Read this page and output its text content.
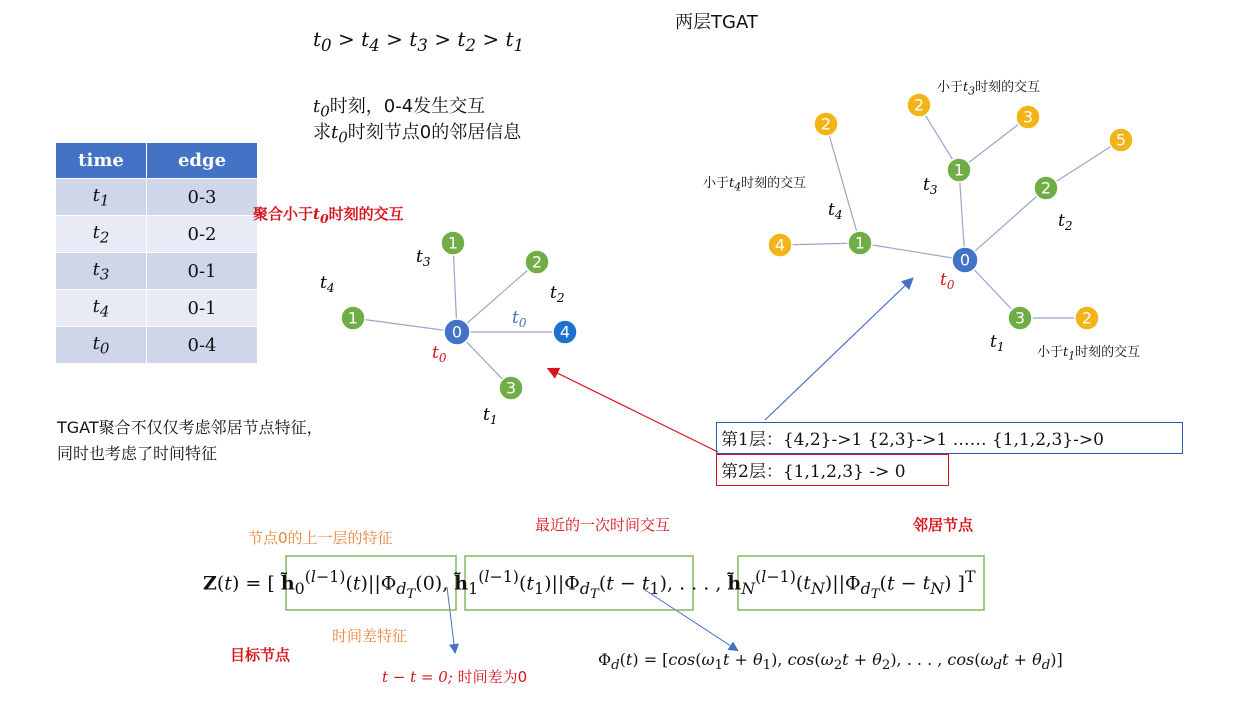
两层TGAT
$t_0 > t_4 > t_3 > t_2 > t_1$
$t_0$时刻，0-4发生交互
求$t_0$时刻节点0的邻居信息
time	edge
$t_1$	0-3
$t_2$	0-2
$t_3$	0-1
$t_4$	0-1
$t_0$	0-4
聚合小于$t_0$时刻的交互
TGAT聚合不仅仅考虑邻居节点特征，
同时也考虑了时间特征
0
1
1
2
3
4
$t_3$
$t_4$	$t_2$
$t_0$
$t_0$
$t_1$
0
1
4
2
1
2
3
2
5
3	2
$t_3$
$t_4$	$t_2$
$t_0$
$t_1$
小于$t_3$时刻的交互
小于$t_4$时刻的交互
小于$t_1$时刻的交互
第1层：{4,2}->1 {2,3}->1 …… {1,1,2,3}->0
第2层：{1,1,2,3} -> 0
节点0的上一层的特征
最近的一次时间交互	邻居节点
时间差特征
目标节点
t − t = 0; 时间差为0
Z(t) = [ $h̃_0^{(l-1)}(t)||\Phi_{d_T}(0)$, $h̃_1^{(l-1)}(t_1)||\Phi_{d_T}(t - t_1)$, . . . , $h̃_N^{(l-1)}(t_N)||\Phi_{d_T}(t - t_N)$ ]$^T$
$\Phi_d(t) = [\cos(\omega_1t + \theta_1)$, $\cos(\omega_2t + \theta_2)$, . . . , $\cos(\omega_dt + \theta_d)$]
